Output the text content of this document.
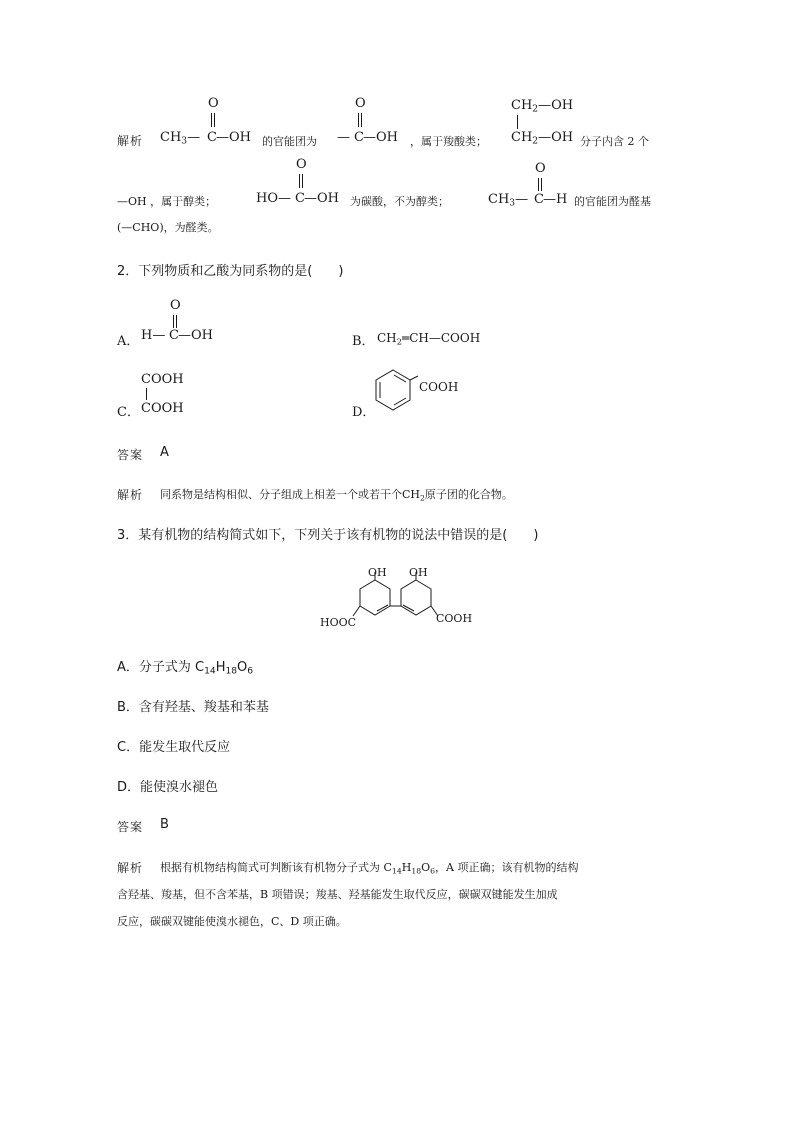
解析
O
$CH_3—$ C —OH 的官能团为
O
— C —OH ，属于羧酸类；
$CH_2—OH$
$CH_2—OH$ 分子内含 2 个
—OH ，属于醇类；
O
HO— C —OH 为碳酸，不为醇类；
O
$CH_3—$ C —H 的官能团为醛基
(—CHO)，为醛类。
2．下列物质和乙酸为同系物的是(　　)
A．
O
H— C —OH	B． $CH_2═CH—COOH$
C．
COOH
COOH	D．
COOH
答案 A
解析 同系物是结构相似、分子组成上相差一个或若干个$CH_2$原子团的化合物。
3．某有机物的结构简式如下，下列关于该有机物的说法中错误的是(　　)
OH OH
HOOC	COOH
A．分子式为 $C_{14}H_{18}O_6$
B．含有羟基、羧基和苯基
C．能发生取代反应
D．能使溴水褪色
答案 B
解析 根据有机物结构简式可判断该有机物分子式为 $C_{14}H_{18}O_6$，A 项正确；该有机物的结构
含羟基、羧基，但不含苯基，B 项错误；羧基、羟基能发生取代反应，碳碳双键能发生加成
反应，碳碳双键能使溴水褪色，C、D 项正确。
